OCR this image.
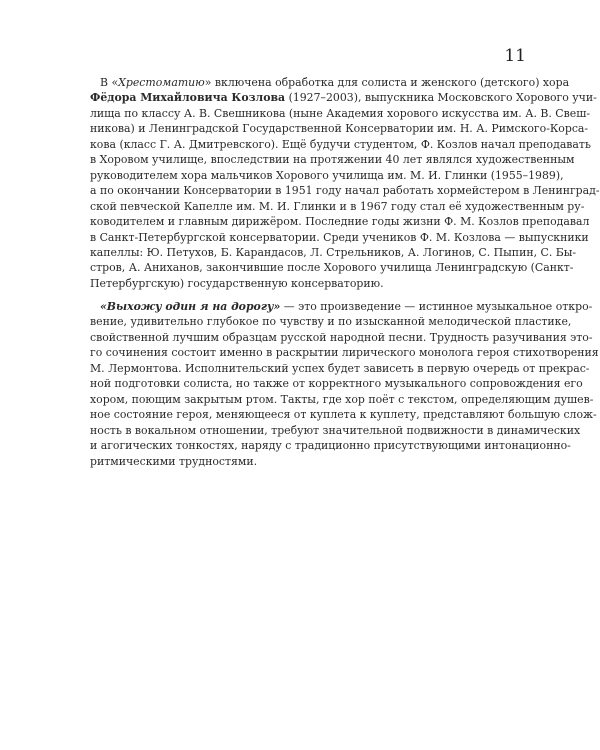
11
В «Хрестоматию» включена обработка для солиста и женского (детского) хора
Фёдора Михайловича Козлова (1927–2003), выпускника Московского Хорового учи-
лища по классу А. В. Свешникова (ныне Академия хорового искусства им. А. В. Свеш-
никова) и Ленинградской Государственной Консерватории им. Н. А. Римского-Корса-
кова (класс Г. А. Дмитревского). Ещё будучи студентом, Ф. Козлов начал преподавать
в Хоровом училище, впоследствии на протяжении 40 лет являлся художественным
руководителем хора мальчиков Хорового училища им. М. И. Глинки (1955–1989),
а по окончании Консерватории в 1951 году начал работать хормейстером в Ленинград-
ской певческой Капелле им. М. И. Глинки и в 1967 году стал её художественным ру-
ководителем и главным дирижёром. Последние годы жизни Ф. М. Козлов преподавал
в Санкт-Петербургской консерватории. Среди учеников Ф. М. Козлова — выпускники
капеллы: Ю. Петухов, Б. Карандасов, Л. Стрельников, А. Логинов, С. Пыпин, С. Бы-
стров, А. Аниханов, закончившие после Хорового училища Ленинградскую (Санкт-
Петербургскую) государственную консерваторию.
«Выхожу один я на дорогу» — это произведение — истинное музыкальное откро-
вение, удивительно глубокое по чувству и по изысканной мелодической пластике,
свойственной лучшим образцам русской народной песни. Трудность разучивания это-
го сочинения состоит именно в раскрытии лирического монолога героя стихотворения
М. Лермонтова. Исполнительский успех будет зависеть в первую очередь от прекрас-
ной подготовки солиста, но также от корректного музыкального сопровождения его
хором, поющим закрытым ртом. Такты, где хор поёт с текстом, определяющим душев-
ное состояние героя, меняющееся от куплета к куплету, представляют большую слож-
ность в вокальном отношении, требуют значительной подвижности в динамических
и агогических тонкостях, наряду с традиционно присутствующими интонационно-
ритмическими трудностями.
